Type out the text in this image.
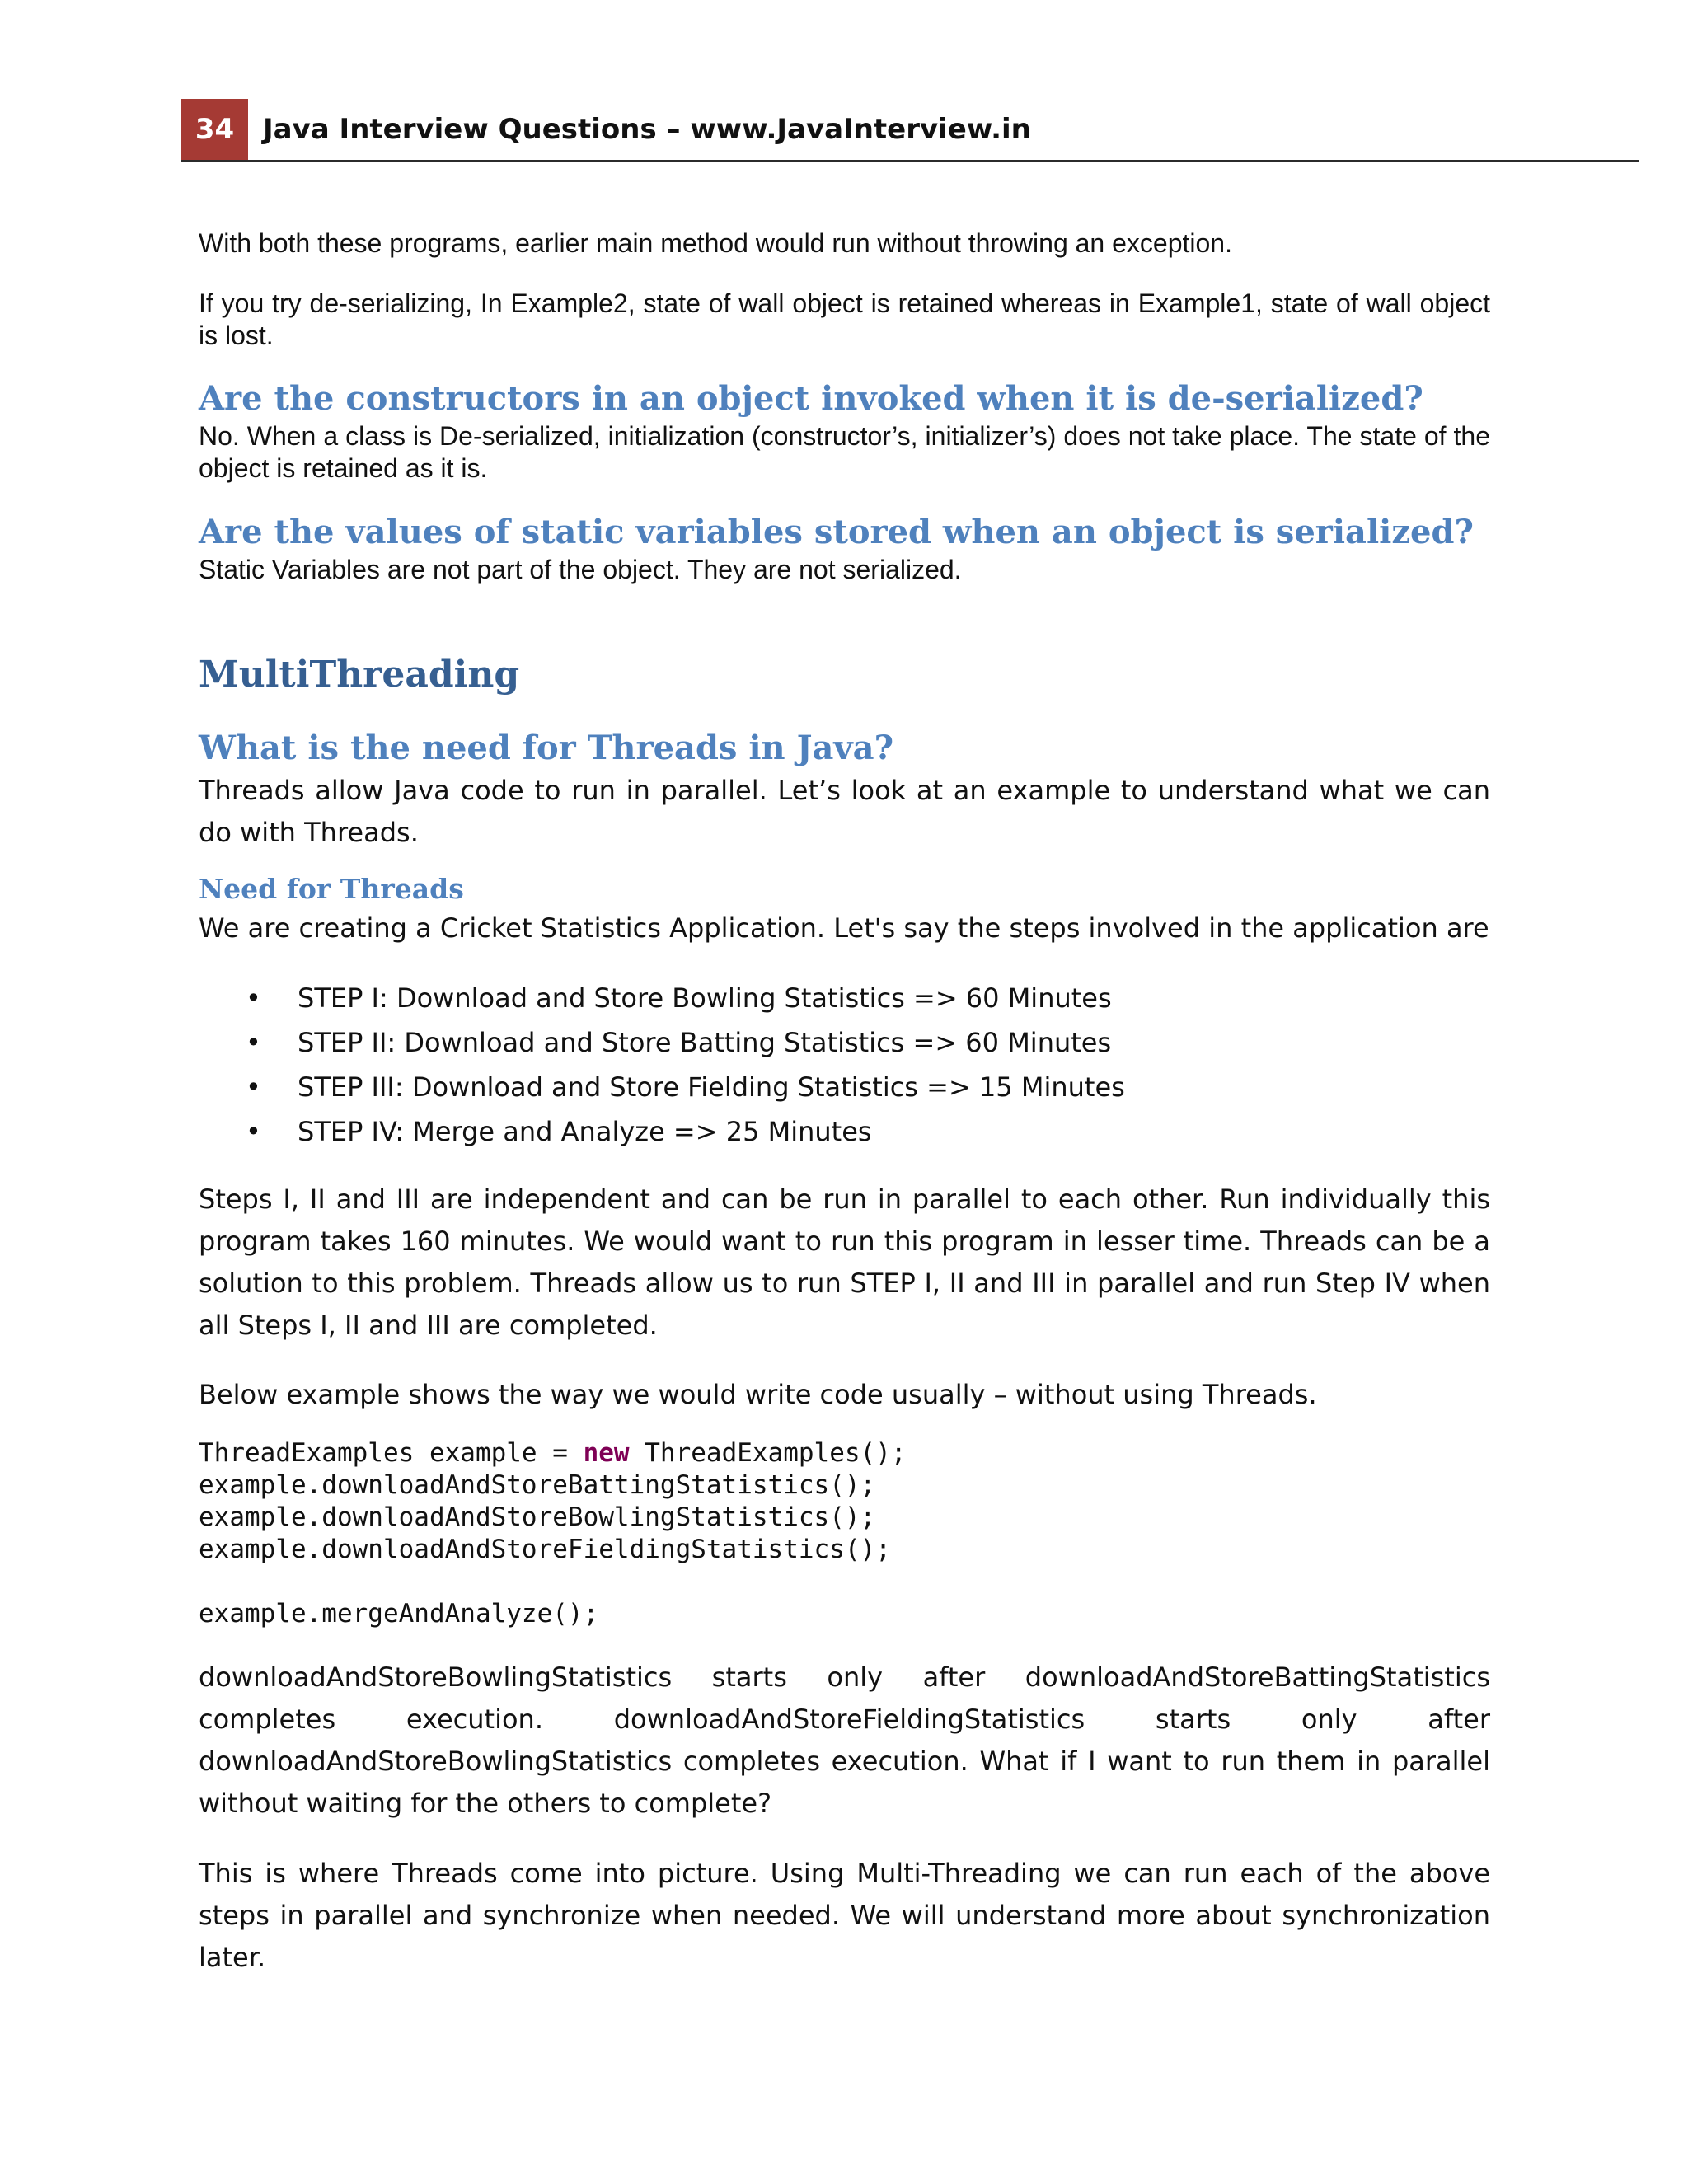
34	Java Interview Questions – www.JavaInterview.in

With both these programs, earlier main method would run without throwing an exception.

If you try de-serializing, In Example2, state of wall object is retained whereas in Example1, state of wall object is lost.

Are the constructors in an object invoked when it is de-serialized?

No. When a class is De-serialized, initialization (constructor’s, initializer’s) does not take place. The state of the object is retained as it is.

Are the values of static variables stored when an object is serialized?

Static Variables are not part of the object. They are not serialized.

MultiThreading
What is the need for Threads in Java?

Threads allow Java code to run in parallel. Let’s look at an example to understand what we can do with Threads.

Need for Threads

We are creating a Cricket Statistics Application. Let's say the steps involved in the application are

• STEP I: Download and Store Bowling Statistics => 60 Minutes
• STEP II: Download and Store Batting Statistics => 60 Minutes
• STEP III: Download and Store Fielding Statistics => 15 Minutes
• STEP IV: Merge and Analyze => 25 Minutes

Steps I, II and III are independent and can be run in parallel to each other. Run individually this program takes 160 minutes. We would want to run this program in lesser time. Threads can be a solution to this problem. Threads allow us to run STEP I, II and III in parallel and run Step IV when all Steps I, II and III are completed.

Below example shows the way we would write code usually – without using Threads.

ThreadExamples example = new ThreadExamples();
example.downloadAndStoreBattingStatistics();
example.downloadAndStoreBowlingStatistics();
example.downloadAndStoreFieldingStatistics();
example.mergeAndAnalyze();

downloadAndStoreBowlingStatistics starts only after downloadAndStoreBattingStatistics completes execution. downloadAndStoreFieldingStatistics starts only after downloadAndStoreBowlingStatistics completes execution. What if I want to run them in parallel without waiting for the others to complete?

This is where Threads come into picture. Using Multi-Threading we can run each of the above steps in parallel and synchronize when needed. We will understand more about synchronization later.
